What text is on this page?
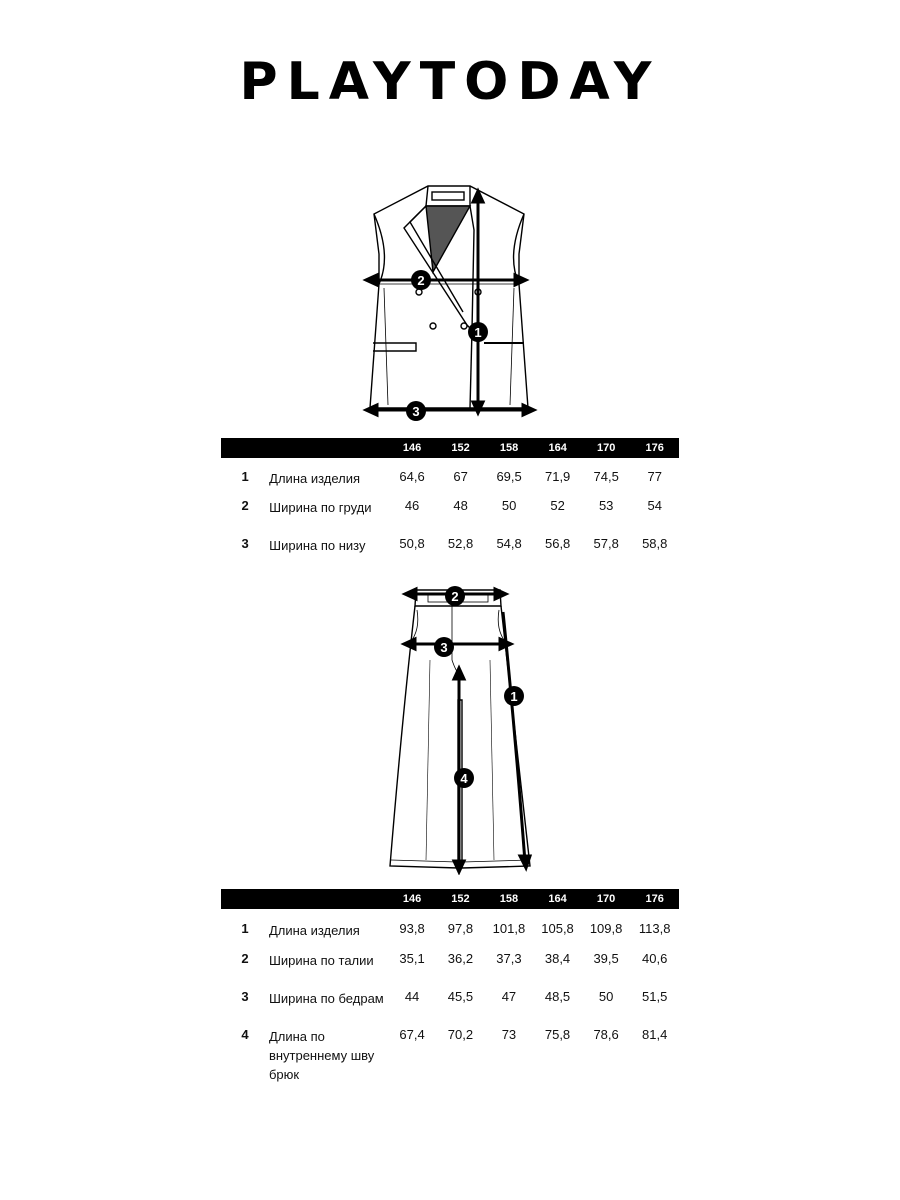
PLAYTODAY
1
2
3
		146	152	158	164	170	176
1	Длина изделия	64,6	67	69,5	71,9	74,5	77
2	Ширина по груди	46	48	50	52	53	54
3	Ширина по низу	50,8	52,8	54,8	56,8	57,8	58,8
1
2
3
4
		146	152	158	164	170	176
1	Длина изделия	93,8	97,8	101,8	105,8	109,8	113,8
2	Ширина по талии	35,1	36,2	37,3	38,4	39,5	40,6
3	Ширина по бедрам	44	45,5	47	48,5	50	51,5
4	Длина по внутреннему шву брюк	67,4	70,2	73	75,8	78,6	81,4
